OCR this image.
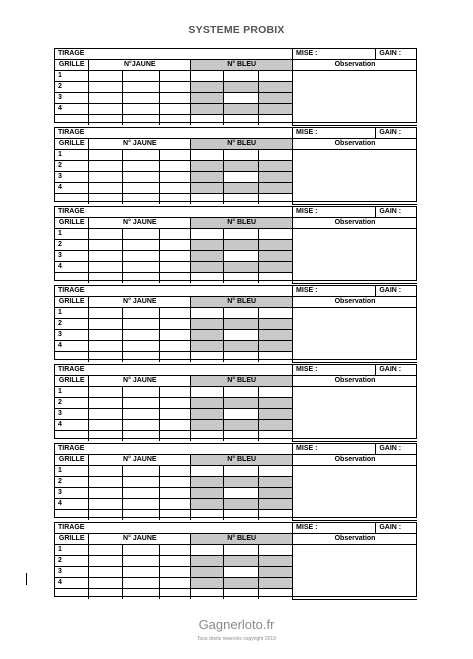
SYSTEME PROBIX
TIRAGE							MISE :	GAIN :
GRILLE	N°JAUNE			N° BLEU			Observation	
1								
2								
3								
4								

TIRAGE							MISE :	GAIN :
GRILLE	N° JAUNE			N° BLEU			Observation	
1								
2								
3								
4								

TIRAGE							MISE :	GAIN :
GRILLE	N° JAUNE			N° BLEU			Observation	
1								
2								
3								
4								

TIRAGE							MISE :	GAIN :
GRILLE	N° JAUNE			N° BLEU			Observation	
1								
2								
3								
4								

TIRAGE							MISE :	GAIN :
GRILLE	N° JAUNE			N° BLEU			Observation	
1								
2								
3								
4								

TIRAGE							MISE :	GAIN :
GRILLE	N° JAUNE			N° BLEU			Observation	
1								
2								
3								
4								

TIRAGE							MISE :	GAIN :
GRILLE	N° JAUNE			N° BLEU			Observation	
1								
2								
3								
4								

Gagnerloto.fr
Tous droits réservés copyright 2019
